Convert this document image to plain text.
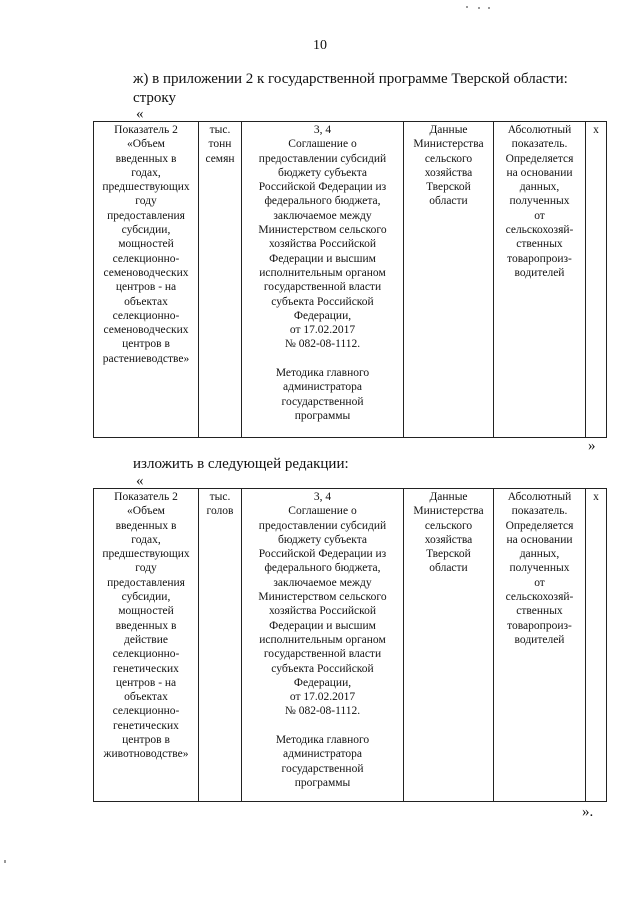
10
ж) в приложении 2 к государственной программе Тверской области:
строку
«
Показатель 2
«Объем
введенных в
годах,
предшествующих
году
предоставления
субсидии,
мощностей
селекционно-
семеноводческих
центров - на
объектах
селекционно-
семеноводческих
центров в
растениеводстве»	тыс.
тонн
семян	3, 4
Соглашение о
предоставлении субсидий
бюджету субъекта
Российской Федерации из
федерального бюджета,
заключаемое между
Министерством сельского
хозяйства Российской
Федерации и высшим
исполнительным органом
государственной власти
субъекта Российской
Федерации,
от 17.02.2017
№ 082-08-1112.

Методика главного
администратора
государственной
программы	Данные
Министерства
сельского
хозяйства
Тверской
области	Абсолютный
показатель.
Определяется
на основании
данных,
полученных
от
сельскохозяй-
ственных
товаропроиз-
водителей	х
»
изложить в следующей редакции:
«
Показатель 2
«Объем
введенных в
годах,
предшествующих
году
предоставления
субсидии,
мощностей
введенных в
действие
селекционно-
генетических
центров - на
объектах
селекционно-
генетических
центров в
животноводстве»	тыс.
голов	3, 4
Соглашение о
предоставлении субсидий
бюджету субъекта
Российской Федерации из
федерального бюджета,
заключаемое между
Министерством сельского
хозяйства Российской
Федерации и высшим
исполнительным органом
государственной власти
субъекта Российской
Федерации,
от 17.02.2017
№ 082-08-1112.

Методика главного
администратора
государственной
программы	Данные
Министерства
сельского
хозяйства
Тверской
области	Абсолютный
показатель.
Определяется
на основании
данных,
полученных
от
сельскохозяй-
ственных
товаропроиз-
водителей	х
».
